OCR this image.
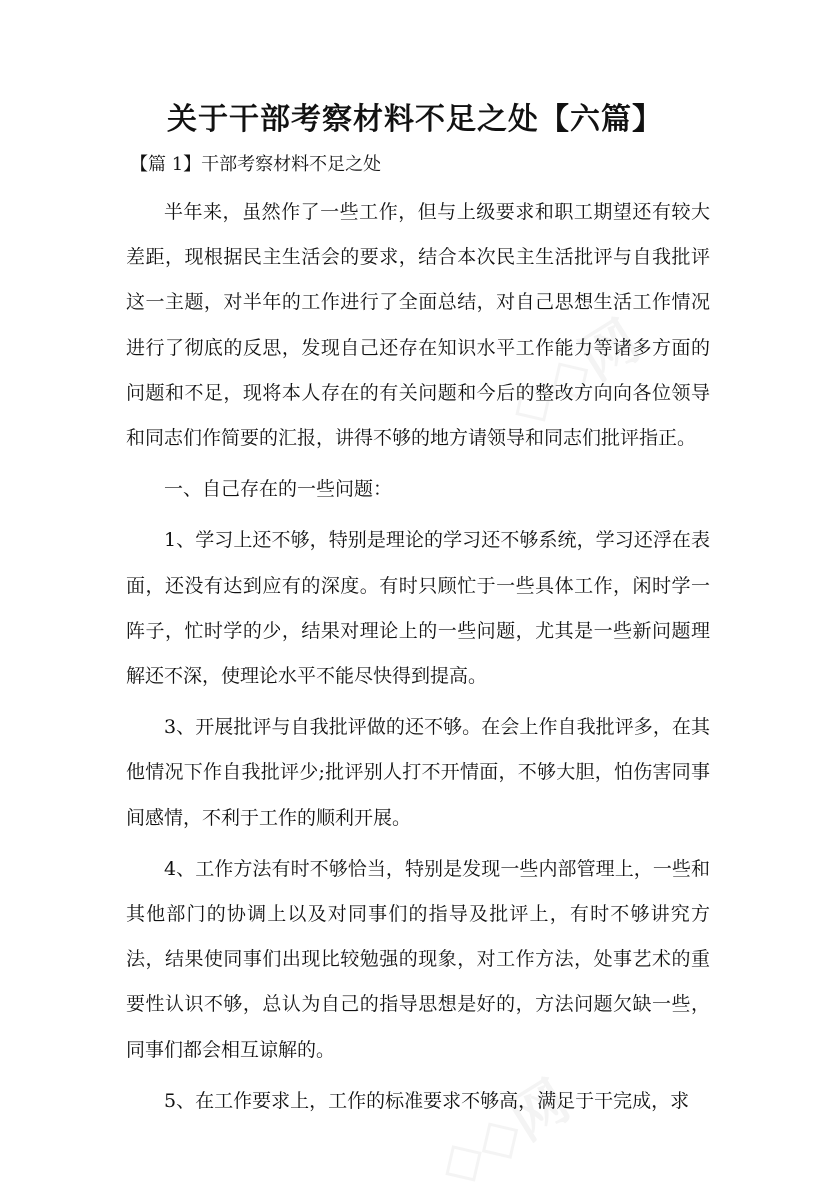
◇◇网
◇◇网
关于干部考察材料不足之处【六篇】
【篇 1】干部考察材料不足之处

半年来，虽然作了一些工作，但与上级要求和职工期望还有较大差距，现根据民主生活会的要求，结合本次民主生活批评与自我批评这一主题，对半年的工作进行了全面总结，对自己思想生活工作情况进行了彻底的反思，发现自己还存在知识水平工作能力等诸多方面的问题和不足，现将本人存在的有关问题和今后的整改方向向各位领导和同志们作简要的汇报，讲得不够的地方请领导和同志们批评指正。

一、自己存在的一些问题：

1、学习上还不够，特别是理论的学习还不够系统，学习还浮在表面，还没有达到应有的深度。有时只顾忙于一些具体工作，闲时学一阵子，忙时学的少，结果对理论上的一些问题，尤其是一些新问题理解还不深，使理论水平不能尽快得到提高。

3、开展批评与自我批评做的还不够。在会上作自我批评多，在其他情况下作自我批评少;批评别人打不开情面，不够大胆，怕伤害同事间感情，不利于工作的顺利开展。

4、工作方法有时不够恰当，特别是发现一些内部管理上，一些和其他部门的协调上以及对同事们的指导及批评上，有时不够讲究方法，结果使同事们出现比较勉强的现象，对工作方法，处事艺术的重要性认识不够，总认为自己的指导思想是好的，方法问题欠缺一些，同事们都会相互谅解的。

5、在工作要求上，工作的标准要求不够高，满足于干完成，求
